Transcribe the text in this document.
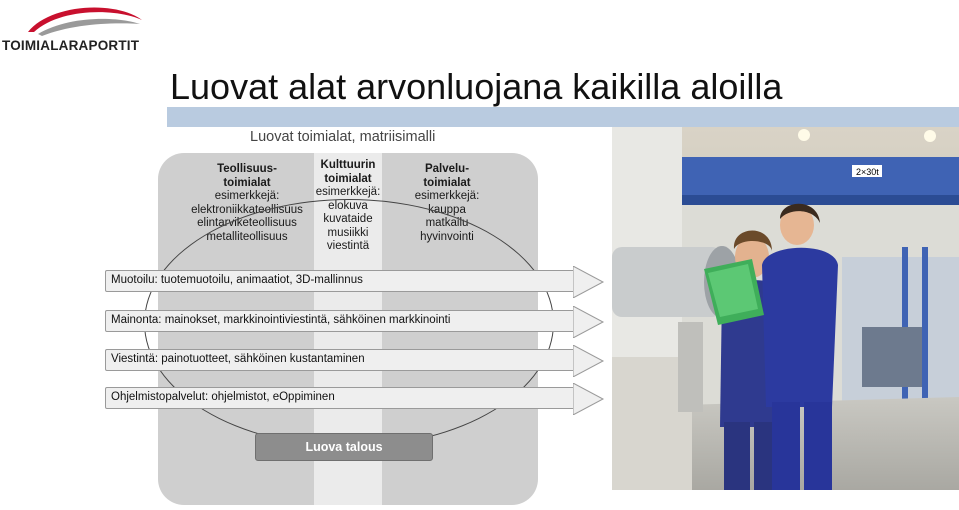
TOIMIALARAPORTIT
Luovat alat arvonluojana kaikilla aloilla
Luovat toimialat, matriisimalli
Teollisuus-
toimialat
esimerkkejä:
elektroniikkateollisuus
elintarviketeollisuus
metalliteollisuus
Kulttuurin
toimialat
esimerkkejä:
elokuva
kuvataide
musiikki
viestintä
Palvelu-
toimialat
esimerkkejä:
kauppa
matkailu
hyvinvointi
Muotoilu: tuotemuotoilu, animaatiot, 3D-mallinnus
Mainonta: mainokset, markkinointiviestintä, sähköinen markkinointi
Viestintä: painotuotteet, sähköinen kustantaminen
Ohjelmistopalvelut: ohjelmistot, eOppiminen
Luova talous
2×30t
